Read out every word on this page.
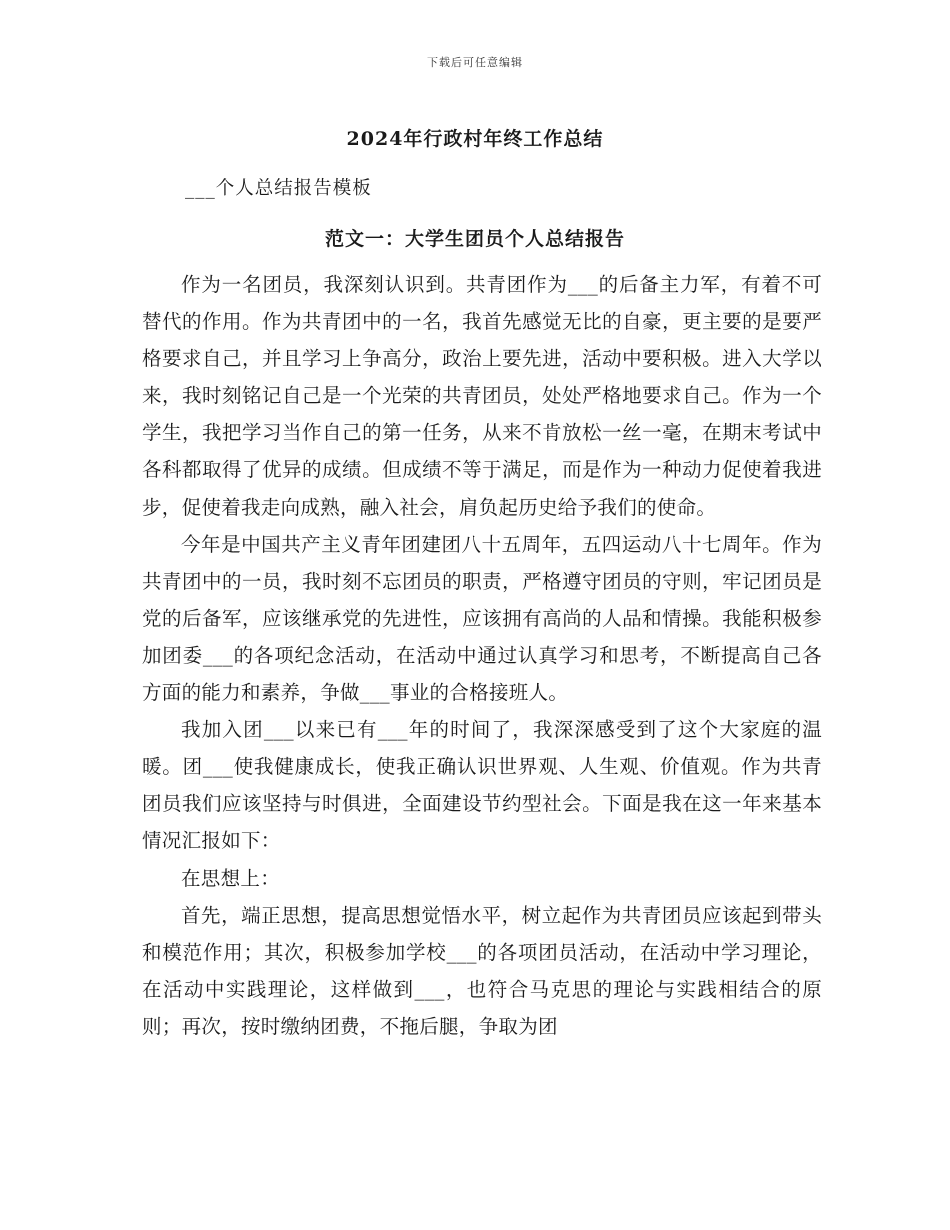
下载后可任意编辑
2024年行政村年终工作总结
___个人总结报告模板
范文一：大学生团员个人总结报告

作为一名团员，我深刻认识到。共青团作为___的后备主力军，有着不可替代的作用。作为共青团中的一名，我首先感觉无比的自豪，更主要的是要严格要求自己，并且学习上争高分，政治上要先进，活动中要积极。进入大学以来，我时刻铭记自己是一个光荣的共青团员，处处严格地要求自己。作为一个学生，我把学习当作自己的第一任务，从来不肯放松一丝一毫，在期末考试中各科都取得了优异的成绩。但成绩不等于满足，而是作为一种动力促使着我进步，促使着我走向成熟，融入社会，肩负起历史给予我们的使命。

今年是中国共产主义青年团建团八十五周年，五四运动八十七周年。作为共青团中的一员，我时刻不忘团员的职责，严格遵守团员的守则，牢记团员是党的后备军，应该继承党的先进性，应该拥有高尚的人品和情操。我能积极参加团委___的各项纪念活动，在活动中通过认真学习和思考，不断提高自己各方面的能力和素养，争做___事业的合格接班人。

我加入团___以来已有___年的时间了，我深深感受到了这个大家庭的温暖。团___使我健康成长，使我正确认识世界观、人生观、价值观。作为共青团员我们应该坚持与时俱进，全面建设节约型社会。下面是我在这一年来基本情况汇报如下：

在思想上：

首先，端正思想，提高思想觉悟水平，树立起作为共青团员应该起到带头和模范作用；其次，积极参加学校___的各项团员活动，在活动中学习理论，在活动中实践理论，这样做到___，也符合马克思的理论与实践相结合的原则；再次，按时缴纳团费，不拖后腿，争取为团
